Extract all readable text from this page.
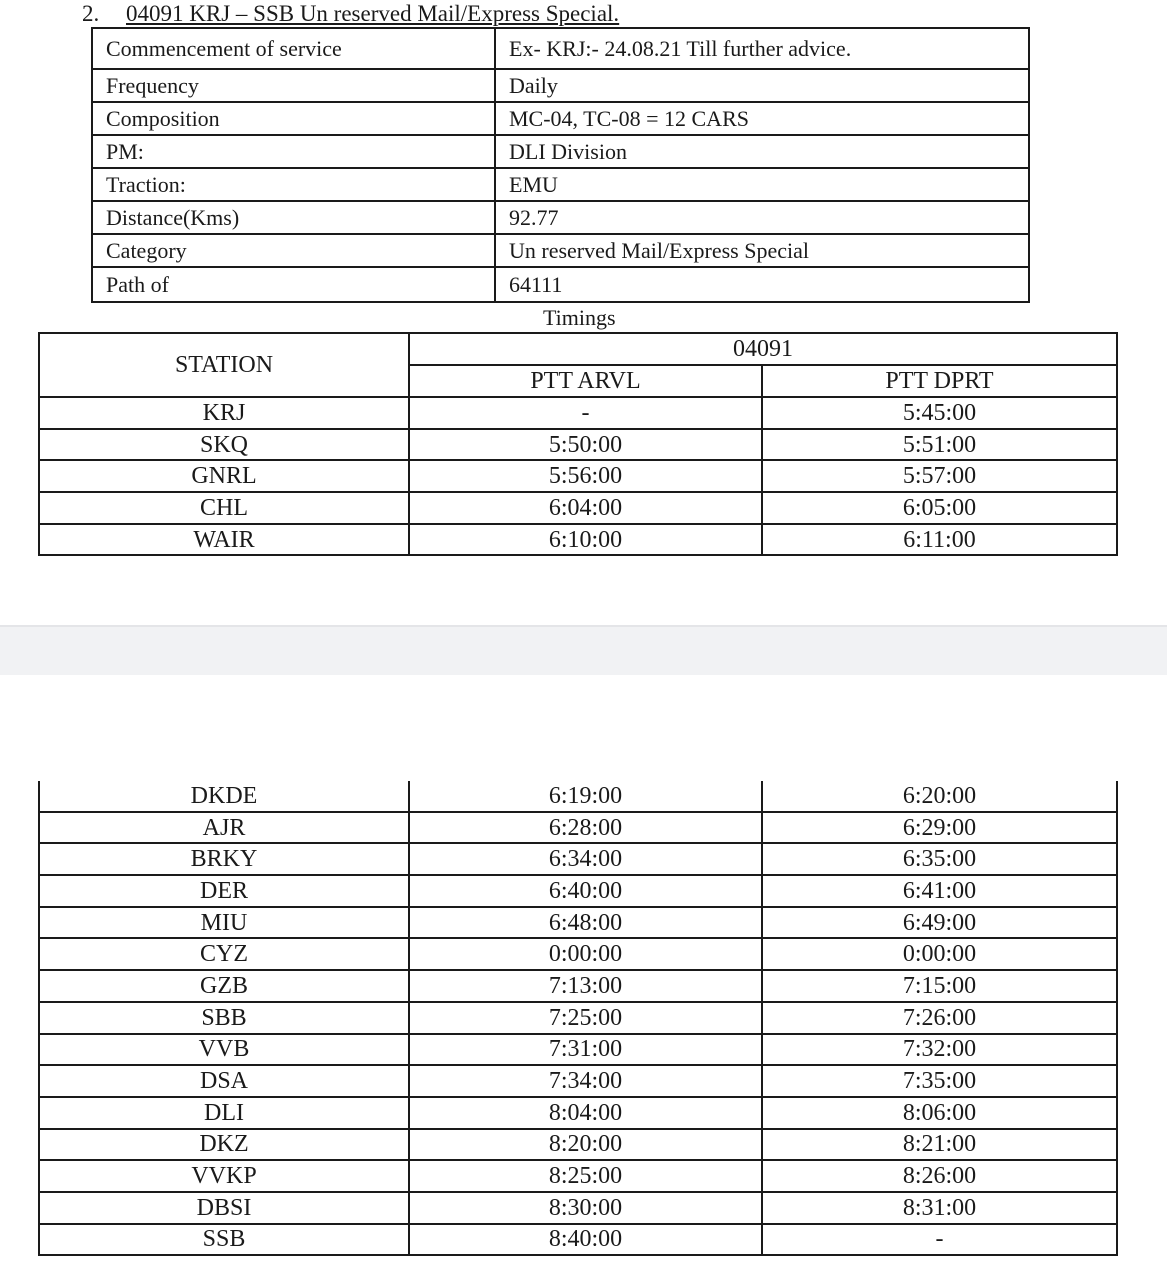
2. 04091 KRJ – SSB Un reserved Mail/Express Special.
Commencement of service	Ex- KRJ:- 24.08.21 Till further advice.
Frequency	Daily
Composition	MC-04, TC-08 = 12 CARS
PM:	DLI Division
Traction:	EMU
Distance(Kms)	92.77
Category	Un reserved Mail/Express Special
Path of	64111
Timings
STATION	04091	
	PTT ARVL	PTT DPRT
KRJ	-	5:45:00
SKQ	5:50:00	5:51:00
GNRL	5:56:00	5:57:00
CHL	6:04:00	6:05:00
WAIR	6:10:00	6:11:00
DKDE	6:19:00	6:20:00
AJR	6:28:00	6:29:00
BRKY	6:34:00	6:35:00
DER	6:40:00	6:41:00
MIU	6:48:00	6:49:00
CYZ	0:00:00	0:00:00
GZB	7:13:00	7:15:00
SBB	7:25:00	7:26:00
VVB	7:31:00	7:32:00
DSA	7:34:00	7:35:00
DLI	8:04:00	8:06:00
DKZ	8:20:00	8:21:00
VVKP	8:25:00	8:26:00
DBSI	8:30:00	8:31:00
SSB	8:40:00	-
